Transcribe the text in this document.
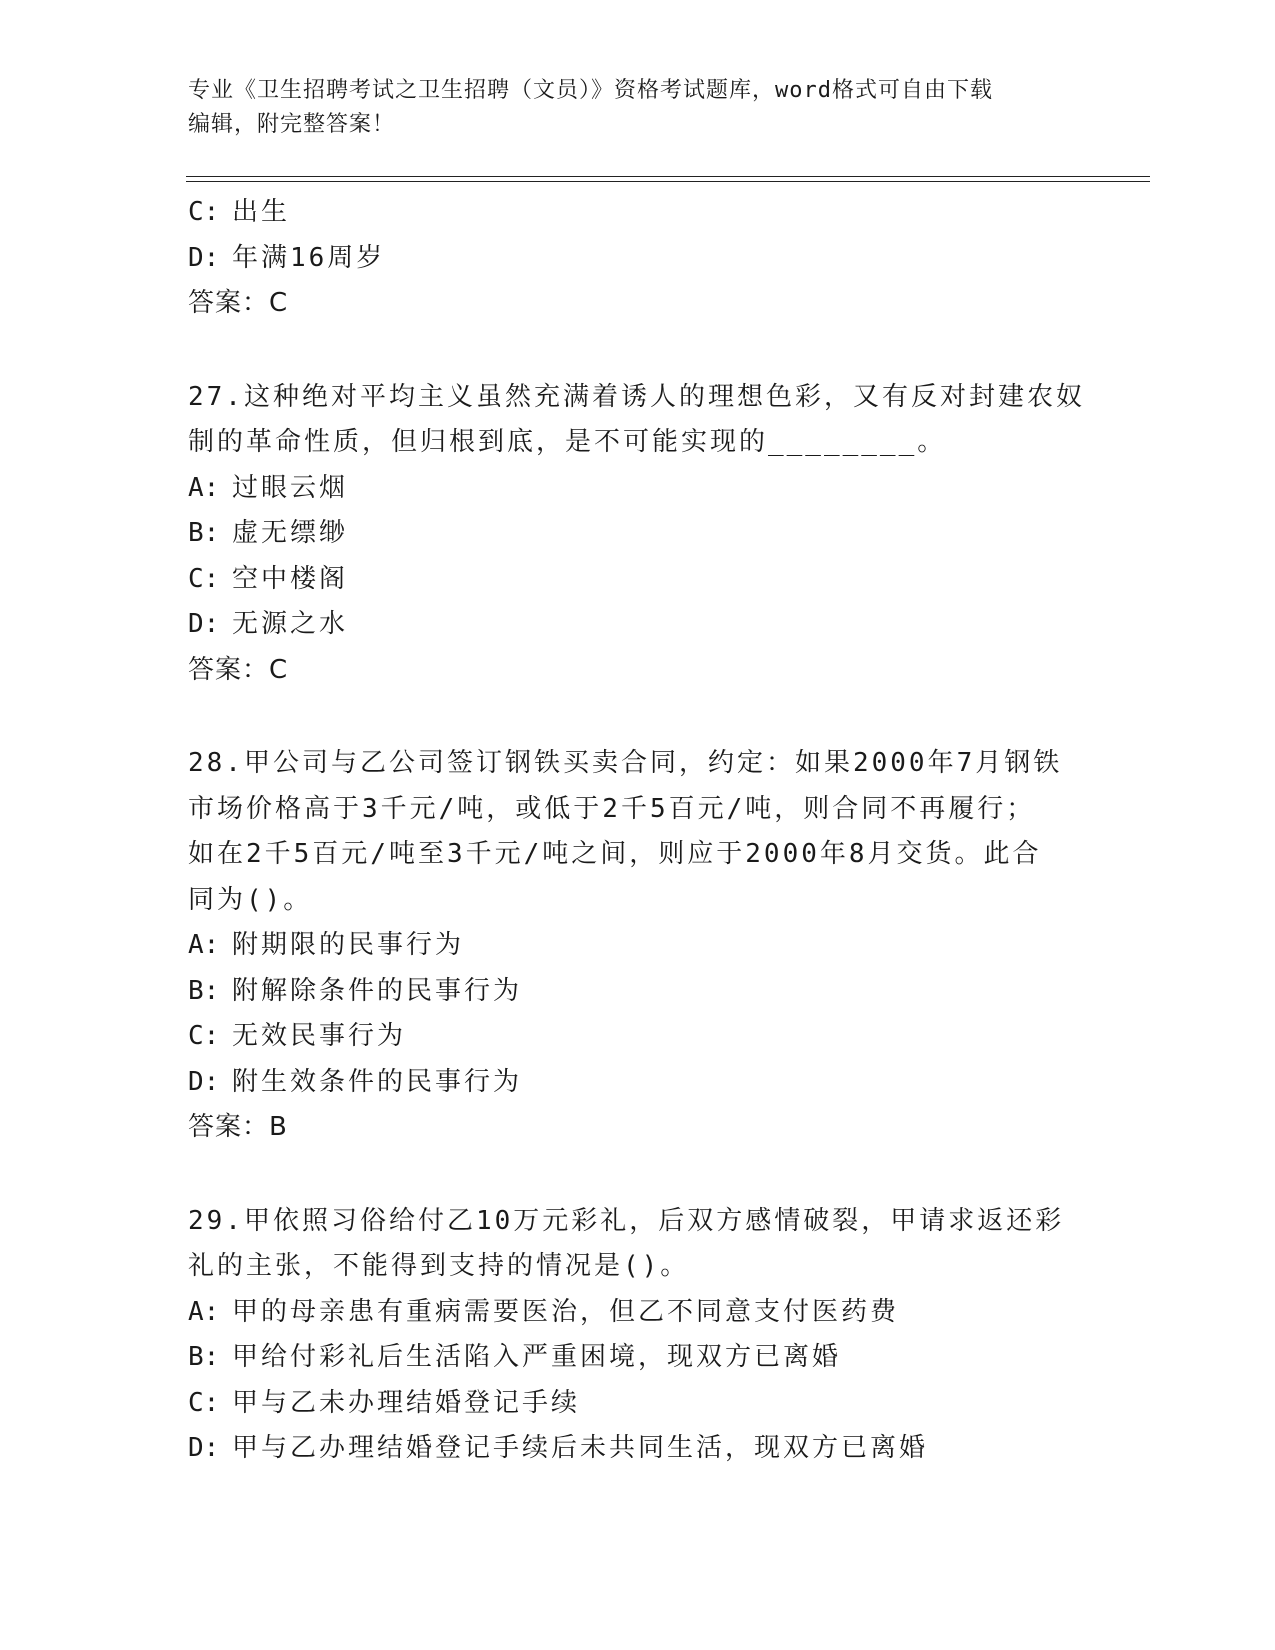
专业《卫生招聘考试之卫生招聘（文员）》资格考试题库，word格式可自由下载
编辑，附完整答案！
C: 出生
D: 年满16周岁
答案：C
27.这种绝对平均主义虽然充满着诱人的理想色彩，又有反对封建农奴
制的革命性质，但归根到底，是不可能实现的________。
A: 过眼云烟
B: 虚无缥缈
C: 空中楼阁
D: 无源之水
答案：C
28.甲公司与乙公司签订钢铁买卖合同，约定：如果2000年7月钢铁
市场价格高于3千元/吨，或低于2千5百元/吨，则合同不再履行；
如在2千5百元/吨至3千元/吨之间，则应于2000年8月交货。此合
同为()。
A: 附期限的民事行为
B: 附解除条件的民事行为
C: 无效民事行为
D: 附生效条件的民事行为
答案：B
29.甲依照习俗给付乙10万元彩礼，后双方感情破裂，甲请求返还彩
礼的主张，不能得到支持的情况是()。
A: 甲的母亲患有重病需要医治，但乙不同意支付医药费
B: 甲给付彩礼后生活陷入严重困境，现双方已离婚
C: 甲与乙未办理结婚登记手续
D: 甲与乙办理结婚登记手续后未共同生活，现双方已离婚
